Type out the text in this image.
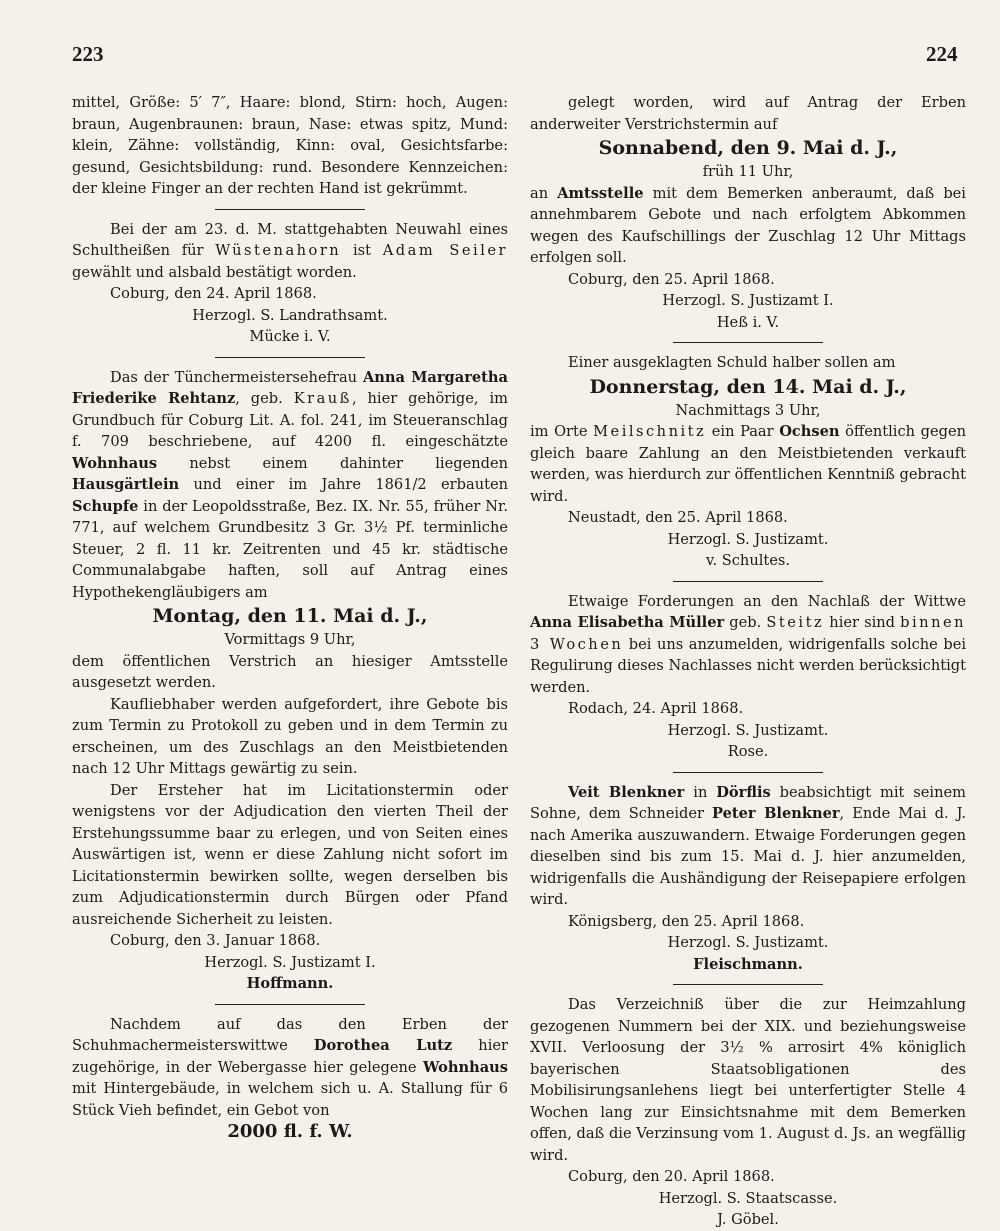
223	224

mittel, Größe: 5′ 7″, Haare: blond, Stirn: hoch, Augen: braun, Augenbraunen: braun, Nase: etwas spitz, Mund: klein, Zähne: vollständig, Kinn: oval, Gesichtsfarbe: gesund, Gesichtsbildung: rund. Besondere Kennzeichen: der kleine Finger an der rechten Hand ist gekrümmt.

Bei der am 23. d. M. stattgehabten Neuwahl eines Schultheißen für Wüstenahorn ist Adam Seiler gewählt und alsbald bestätigt worden.

Coburg, den 24. April 1868.

Herzogl. S. Landrathsamt.

Mücke i. V.

Das der Tünchermeistersehefrau Anna Margaretha Friederike Rehtanz, geb. Krauß, hier gehörige, im Grundbuch für Coburg Lit. A. fol. 241, im Steueranschlag f. 709 beschriebene, auf 4200 fl. eingeschätzte Wohnhaus nebst einem dahinter liegenden Hausgärtlein und einer im Jahre 1861/2 erbauten Schupfe in der Leopoldsstraße, Bez. IX. Nr. 55, früher Nr. 771, auf welchem Grundbesitz 3 Gr. 3½ Pf. terminliche Steuer, 2 fl. 11 kr. Zeitrenten und 45 kr. städtische Communalabgabe haften, soll auf Antrag eines Hypothekengläubigers am

Montag, den 11. Mai d. J.,

Vormittags 9 Uhr,

dem öffentlichen Verstrich an hiesiger Amtsstelle ausgesetzt werden.

Kaufliebhaber werden aufgefordert, ihre Gebote bis zum Termin zu Protokoll zu geben und in dem Termin zu erscheinen, um des Zuschlags an den Meistbietenden nach 12 Uhr Mittags gewärtig zu sein.

Der Ersteher hat im Licitationstermin oder wenigstens vor der Adjudication den vierten Theil der Erstehungssumme baar zu erlegen, und von Seiten eines Auswärtigen ist, wenn er diese Zahlung nicht sofort im Licitationstermin bewirken sollte, wegen derselben bis zum Adjudicationstermin durch Bürgen oder Pfand ausreichende Sicherheit zu leisten.

Coburg, den 3. Januar 1868.

Herzogl. S. Justizamt I.

Hoffmann.

Nachdem auf das den Erben der Schuhmachermeisterswittwe Dorothea Lutz hier zugehörige, in der Webergasse hier gelegene Wohnhaus mit Hintergebäude, in welchem sich u. A. Stallung für 6 Stück Vieh befindet, ein Gebot von

2000 fl. f. W.

gelegt worden, wird auf Antrag der Erben anderweiter Verstrichstermin auf

Sonnabend, den 9. Mai d. J.,

früh 11 Uhr,

an Amtsstelle mit dem Bemerken anberaumt, daß bei annehmbarem Gebote und nach erfolgtem Abkommen wegen des Kaufschillings der Zuschlag 12 Uhr Mittags erfolgen soll.

Coburg, den 25. April 1868.

Herzogl. S. Justizamt I.

Heß i. V.

Einer ausgeklagten Schuld halber sollen am

Donnerstag, den 14. Mai d. J.,

Nachmittags 3 Uhr,

im Orte Meilschnitz ein Paar Ochsen öffentlich gegen gleich baare Zahlung an den Meistbietenden verkauft werden, was hierdurch zur öffentlichen Kenntniß gebracht wird.

Neustadt, den 25. April 1868.

Herzogl. S. Justizamt.

v. Schultes.

Etwaige Forderungen an den Nachlaß der Wittwe Anna Elisabetha Müller geb. Steitz hier sind binnen 3 Wochen bei uns anzumelden, widrigenfalls solche bei Regulirung dieses Nachlasses nicht werden berücksichtigt werden.

Rodach, 24. April 1868.

Herzogl. S. Justizamt.

Rose.

Veit Blenkner in Dörflis beabsichtigt mit seinem Sohne, dem Schneider Peter Blenkner, Ende Mai d. J. nach Amerika auszuwandern. Etwaige Forderungen gegen dieselben sind bis zum 15. Mai d. J. hier anzumelden, widrigenfalls die Aushändigung der Reisepapiere erfolgen wird.

Königsberg, den 25. April 1868.

Herzogl. S. Justizamt.

Fleischmann.

Das Verzeichniß über die zur Heimzahlung gezogenen Nummern bei der XIX. und beziehungsweise XVII. Verloosung der 3½ % arrosirt 4% königlich bayerischen Staatsobligationen des Mobilisirungsanlehens liegt bei unterfertigter Stelle 4 Wochen lang zur Einsichtsnahme mit dem Bemerken offen, daß die Verzinsung vom 1. August d. Js. an wegfällig wird.

Coburg, den 20. April 1868.

Herzogl. S. Staatscasse.

J. Göbel.
